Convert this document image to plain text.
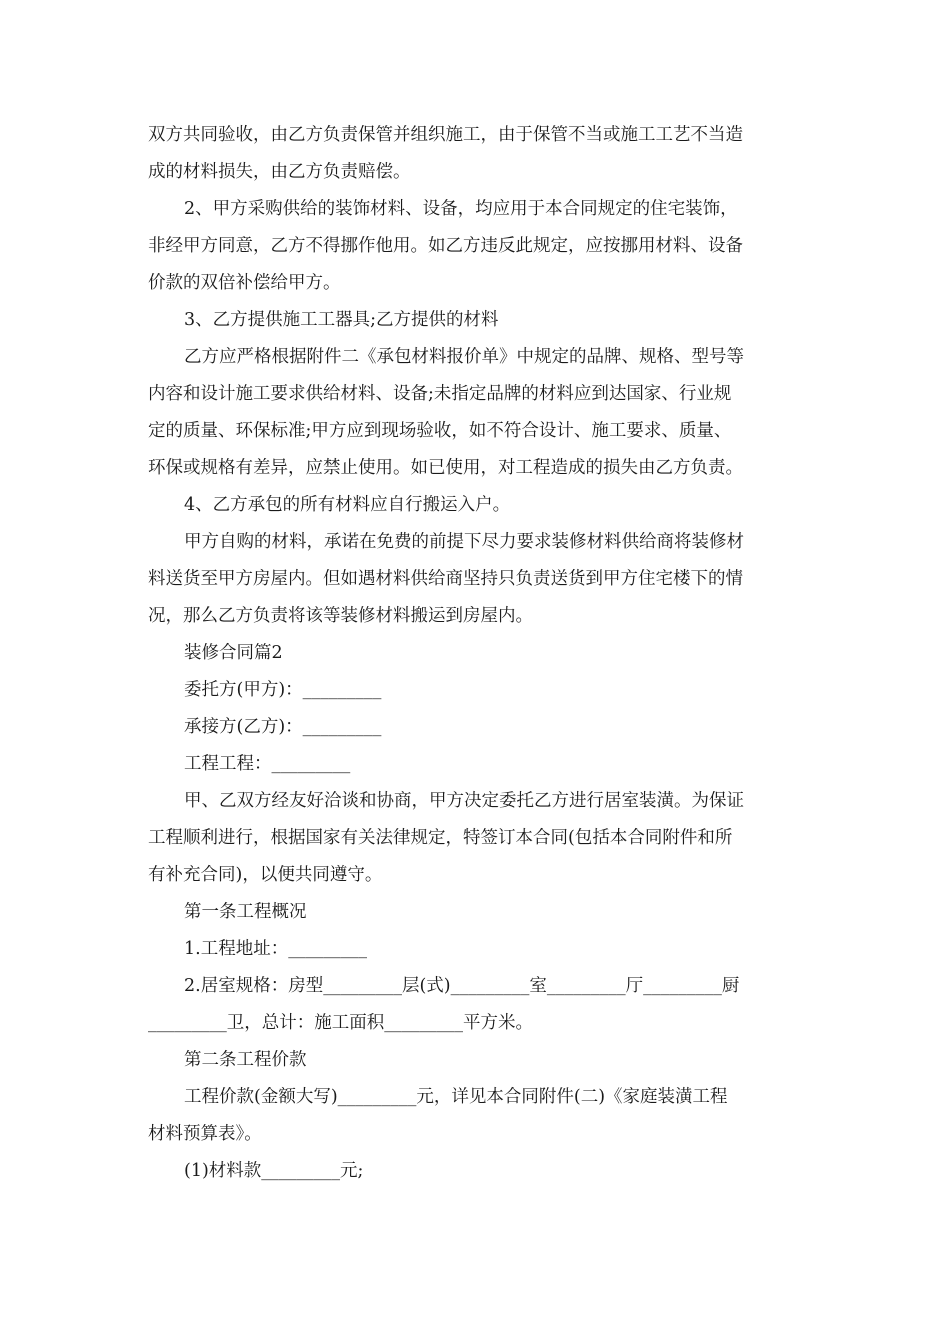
双方共同验收，由乙方负责保管并组织施工，由于保管不当或施工工艺不当造
成的材料损失，由乙方负责赔偿。
2、甲方采购供给的装饰材料、设备，均应用于本合同规定的住宅装饰，
非经甲方同意，乙方不得挪作他用。如乙方违反此规定，应按挪用材料、设备
价款的双倍补偿给甲方。
3、乙方提供施工工器具;乙方提供的材料
乙方应严格根据附件二《承包材料报价单》中规定的品牌、规格、型号等
内容和设计施工要求供给材料、设备;未指定品牌的材料应到达国家、行业规
定的质量、环保标准;甲方应到现场验收，如不符合设计、施工要求、质量、
环保或规格有差异，应禁止使用。如已使用，对工程造成的损失由乙方负责。
4、乙方承包的所有材料应自行搬运入户。
甲方自购的材料，承诺在免费的前提下尽力要求装修材料供给商将装修材
料送货至甲方房屋内。但如遇材料供给商坚持只负责送货到甲方住宅楼下的情
况，那么乙方负责将该等装修材料搬运到房屋内。
装修合同篇2
委托方(甲方)：_________
承接方(乙方)：_________
工程工程：_________
甲、乙双方经友好洽谈和协商，甲方决定委托乙方进行居室装潢。为保证
工程顺利进行，根据国家有关法律规定，特签订本合同(包括本合同附件和所
有补充合同)，以便共同遵守。
第一条工程概况
1.工程地址：_________
2.居室规格：房型_________层(式)_________室_________厅_________厨
_________卫，总计：施工面积_________平方米。
第二条工程价款
工程价款(金额大写)_________元，详见本合同附件(二)《家庭装潢工程
材料预算表》。
(1)材料款_________元;
